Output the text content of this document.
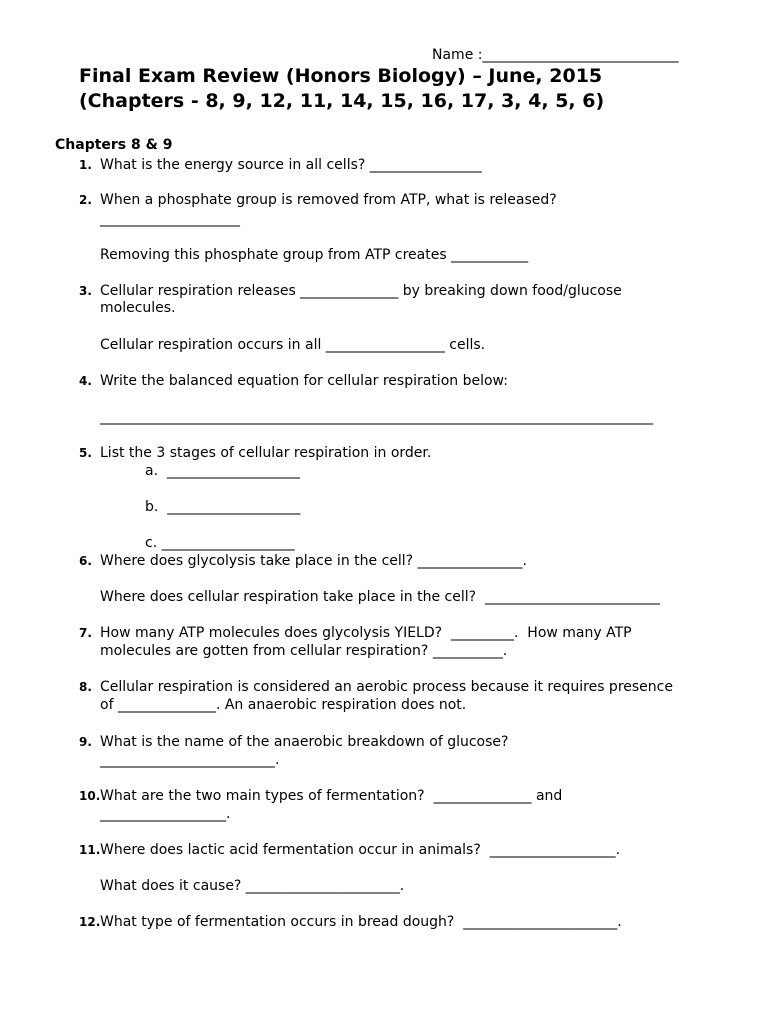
Name :____________________________
Final Exam Review (Honors Biology) – June, 2015
(Chapters - 8, 9, 12, 11, 14, 15, 16, 17, 3, 4, 5, 6)
Chapters 8 & 9
1. What is the energy source in all cells? ________________
2. When a phosphate group is removed from ATP, what is released?
____________________
Removing this phosphate group from ATP creates ___________
3. Cellular respiration releases ______________ by breaking down food/glucose
molecules.
Cellular respiration occurs in all _________________ cells.
4. Write the balanced equation for cellular respiration below:
_______________________________________________________________________________
5. List the 3 stages of cellular respiration in order.
a.  ___________________
b.  ___________________
c. ___________________
6. Where does glycolysis take place in the cell? _______________.
Where does cellular respiration take place in the cell?  _________________________
7. How many ATP molecules does glycolysis YIELD?  _________.  How many ATP
molecules are gotten from cellular respiration? __________.
8. Cellular respiration is considered an aerobic process because it requires presence
of ______________. An anaerobic respiration does not.
9. What is the name of the anaerobic breakdown of glucose?
_________________________.
10. What are the two main types of fermentation?  ______________ and
__________________.
11. Where does lactic acid fermentation occur in animals?  __________________.
What does it cause? ______________________.
12. What type of fermentation occurs in bread dough?  ______________________.
